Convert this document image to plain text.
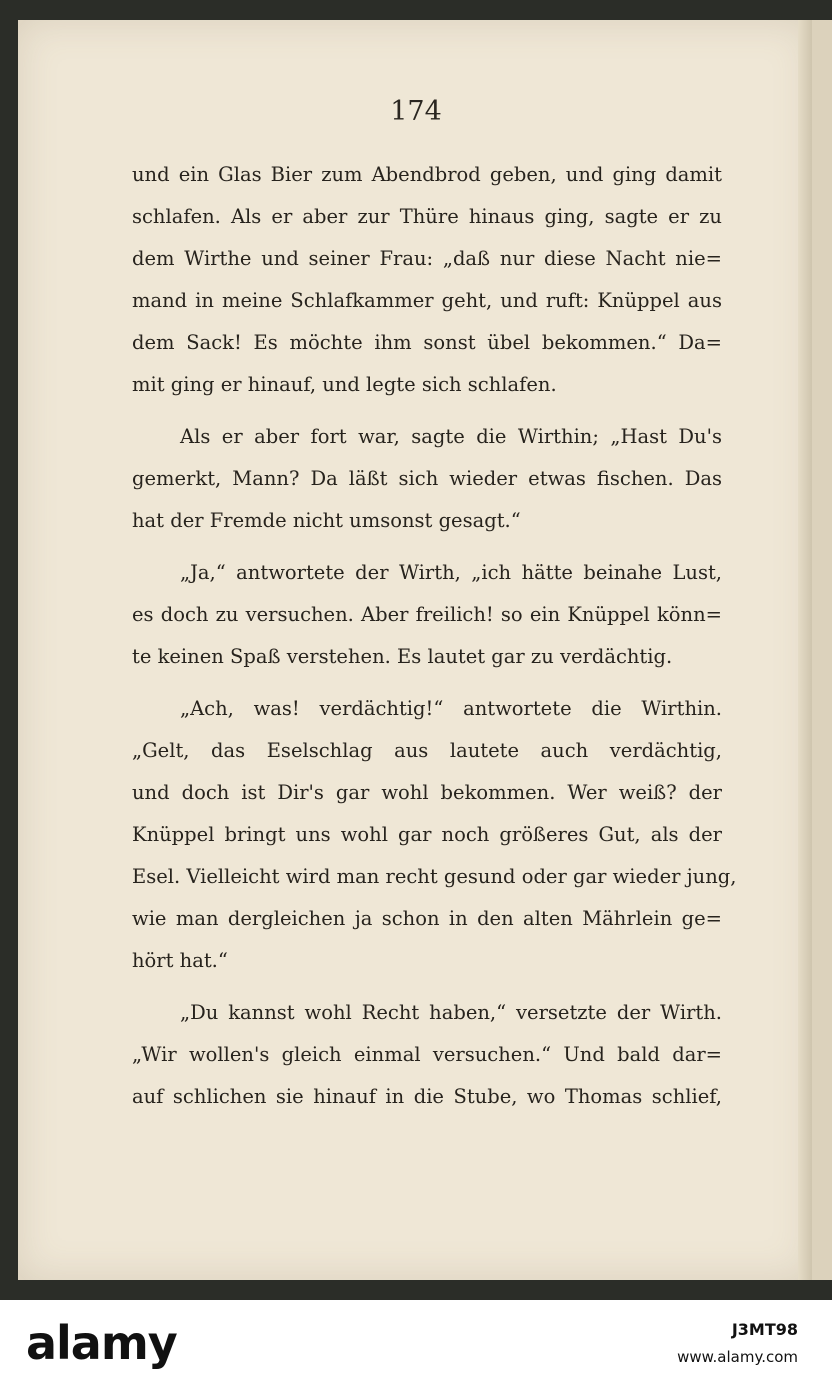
174
und ein Glas Bier zum Abendbrod geben, und ging damit
schlafen. Als er aber zur Thüre hinaus ging, sagte er zu
dem Wirthe und seiner Frau: „daß nur diese Nacht nie=
mand in meine Schlafkammer geht, und ruft: Knüppel aus
dem Sack! Es möchte ihm sonst übel bekommen.“ Da=
mit ging er hinauf, und legte sich schlafen.
Als er aber fort war, sagte die Wirthin; „Hast Du's
gemerkt, Mann? Da läßt sich wieder etwas fischen. Das
hat der Fremde nicht umsonst gesagt.“
„Ja,“ antwortete der Wirth, „ich hätte beinahe Lust,
es doch zu versuchen. Aber freilich! so ein Knüppel könn=
te keinen Spaß verstehen. Es lautet gar zu verdächtig.
„Ach, was! verdächtig!“ antwortete die Wirthin.
„Gelt, das Eselschlag aus lautete auch verdächtig,
und doch ist Dir's gar wohl bekommen. Wer weiß? der
Knüppel bringt uns wohl gar noch größeres Gut, als der
Esel. Vielleicht wird man recht gesund oder gar wieder jung,
wie man dergleichen ja schon in den alten Mährlein ge=
hört hat.“
„Du kannst wohl Recht haben,“ versetzte der Wirth.
„Wir wollen's gleich einmal versuchen.“ Und bald dar=
auf schlichen sie hinauf in die Stube, wo Thomas schlief,
alamy	J3MT98
www.alamy.com
